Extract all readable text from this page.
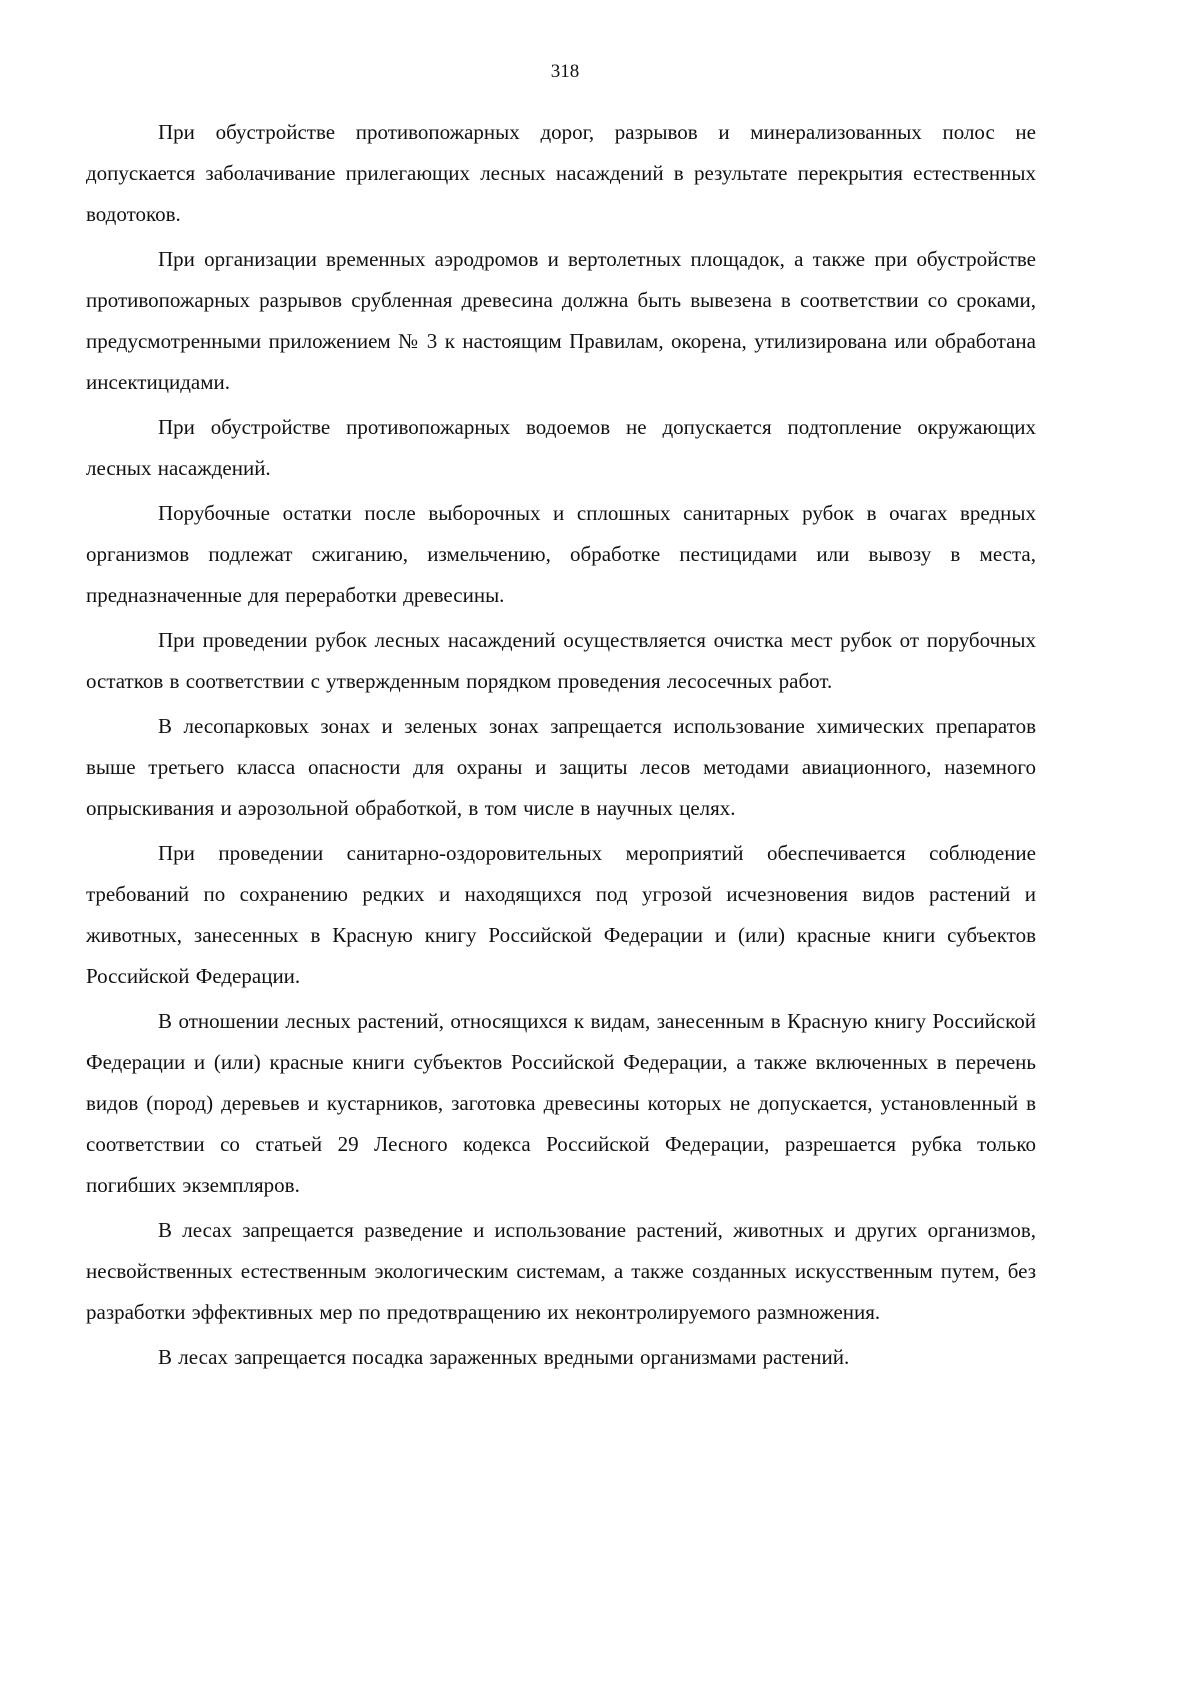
318

При обустройстве противопожарных дорог, разрывов и минерализованных полос не допускается заболачивание прилегающих лесных насаждений в результате перекрытия естественных водотоков.

При организации временных аэродромов и вертолетных площадок, а также при обустройстве противопожарных разрывов срубленная древесина должна быть вывезена в соответствии со сроками, предусмотренными приложением № 3 к настоящим Правилам, окорена, утилизирована или обработана инсектицидами.

При обустройстве противопожарных водоемов не допускается подтопление окружающих лесных насаждений.

Порубочные остатки после выборочных и сплошных санитарных рубок в очагах вредных организмов подлежат сжиганию, измельчению, обработке пестицидами или вывозу в места, предназначенные для переработки древесины.

При проведении рубок лесных насаждений осуществляется очистка мест рубок от порубочных остатков в соответствии с утвержденным порядком проведения лесосечных работ.

В лесопарковых зонах и зеленых зонах запрещается использование химических препаратов выше третьего класса опасности для охраны и защиты лесов методами авиационного, наземного опрыскивания и аэрозольной обработкой, в том числе в научных целях.

При проведении санитарно-оздоровительных мероприятий обеспечивается соблюдение требований по сохранению редких и находящихся под угрозой исчезновения видов растений и животных, занесенных в Красную книгу Российской Федерации и (или) красные книги субъектов Российской Федерации.

В отношении лесных растений, относящихся к видам, занесенным в Красную книгу Российской Федерации и (или) красные книги субъектов Российской Федерации, а также включенных в перечень видов (пород) деревьев и кустарников, заготовка древесины которых не допускается, установленный в соответствии со статьей 29 Лесного кодекса Российской Федерации, разрешается рубка только погибших экземпляров.

В лесах запрещается разведение и использование растений, животных и других организмов, несвойственных естественным экологическим системам, а также созданных искусственным путем, без разработки эффективных мер по предотвращению их неконтролируемого размножения.

В лесах запрещается посадка зараженных вредными организмами растений.
